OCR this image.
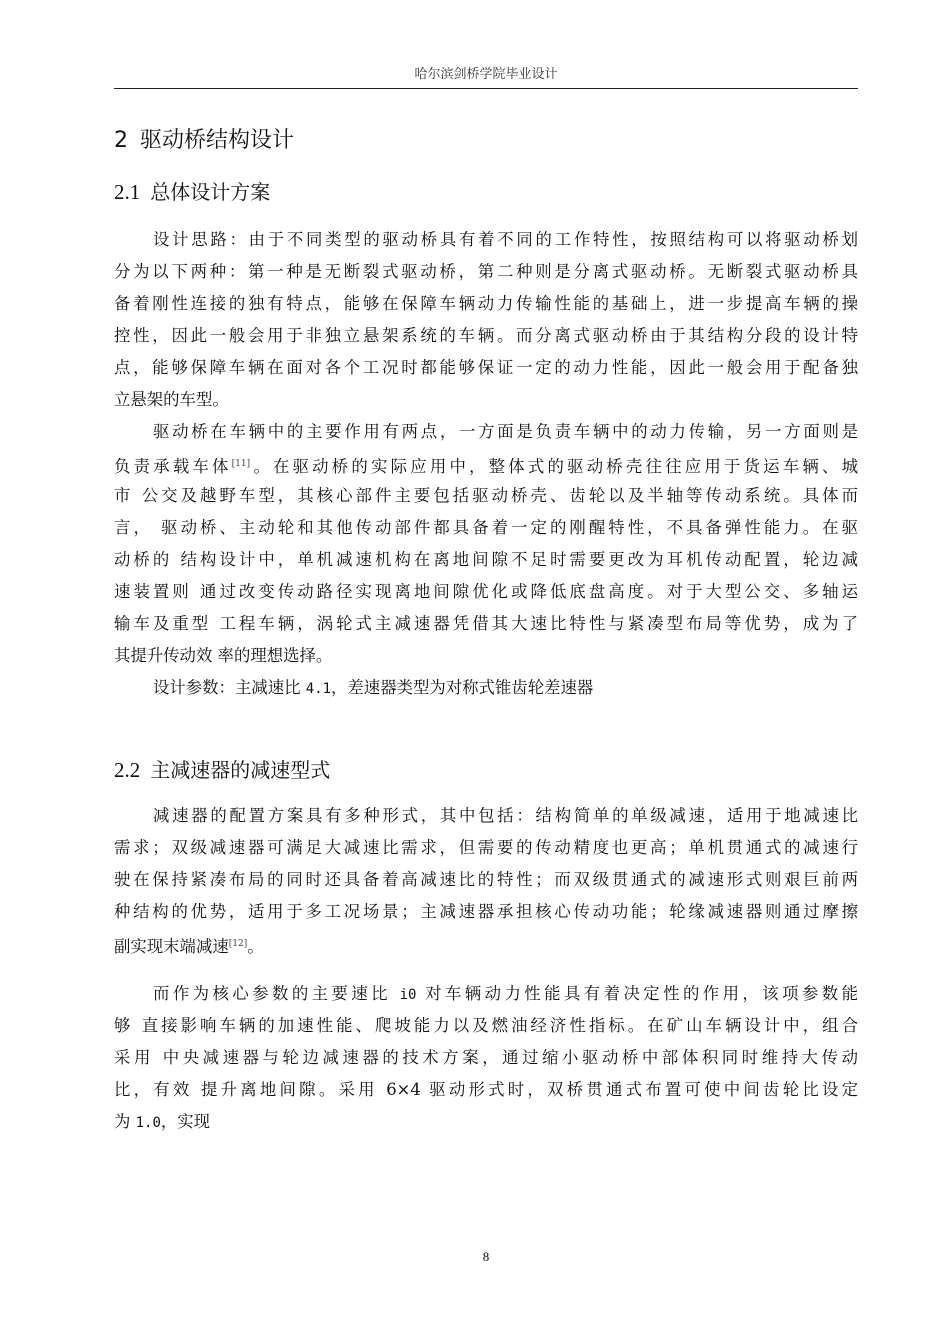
哈尔滨剑桥学院毕业设计
2 驱动桥结构设计
2.1 总体设计方案
设计思路：由于不同类型的驱动桥具有着不同的工作特性，按照结构可以将驱动桥划
分为以下两种：第一种是无断裂式驱动桥，第二种则是分离式驱动桥。无断裂式驱动桥具
备着刚性连接的独有特点，能够在保障车辆动力传输性能的基础上，进一步提高车辆的操
控性，因此一般会用于非独立悬架系统的车辆。而分离式驱动桥由于其结构分段的设计特
点，能够保障车辆在面对各个工况时都能够保证一定的动力性能，因此一般会用于配备独
立悬架的车型。
驱动桥在车辆中的主要作用有两点，一方面是负责车辆中的动力传输，另一方面则是
负责承载车体[11]。在驱动桥的实际应用中，整体式的驱动桥壳往往应用于货运车辆、城
市 公交及越野车型，其核心部件主要包括驱动桥壳、齿轮以及半轴等传动系统。具体而
言， 驱动桥、主动轮和其他传动部件都具备着一定的刚醒特性，不具备弹性能力。在驱
动桥的 结构设计中，单机减速机构在离地间隙不足时需要更改为耳机传动配置，轮边减
速装置则 通过改变传动路径实现离地间隙优化或降低底盘高度。对于大型公交、多轴运
输车及重型 工程车辆，涡轮式主减速器凭借其大速比特性与紧凑型布局等优势，成为了
其提升传动效 率的理想选择。
设计参数：主减速比 4.1，差速器类型为对称式锥齿轮差速器
2.2 主减速器的减速型式
减速器的配置方案具有多种形式，其中包括：结构简单的单级减速，适用于地减速比
需求；双级减速器可满足大减速比需求，但需要的传动精度也更高；单机贯通式的减速行
驶在保持紧凑布局的同时还具备着高减速比的特性；而双级贯通式的减速形式则艰巨前两
种结构的优势，适用于多工况场景；主减速器承担核心传动功能；轮缘减速器则通过摩擦
副实现末端减速[12]。
而作为核心参数的主要速比 i0 对车辆动力性能具有着决定性的作用，该项参数能
够 直接影响车辆的加速性能、爬坡能力以及燃油经济性指标。在矿山车辆设计中，组合
采用 中央减速器与轮边减速器的技术方案，通过缩小驱动桥中部体积同时维持大传动
比，有效 提升离地间隙。采用 6×4 驱动形式时，双桥贯通式布置可使中间齿轮比设定
为 1.0，实现
8
